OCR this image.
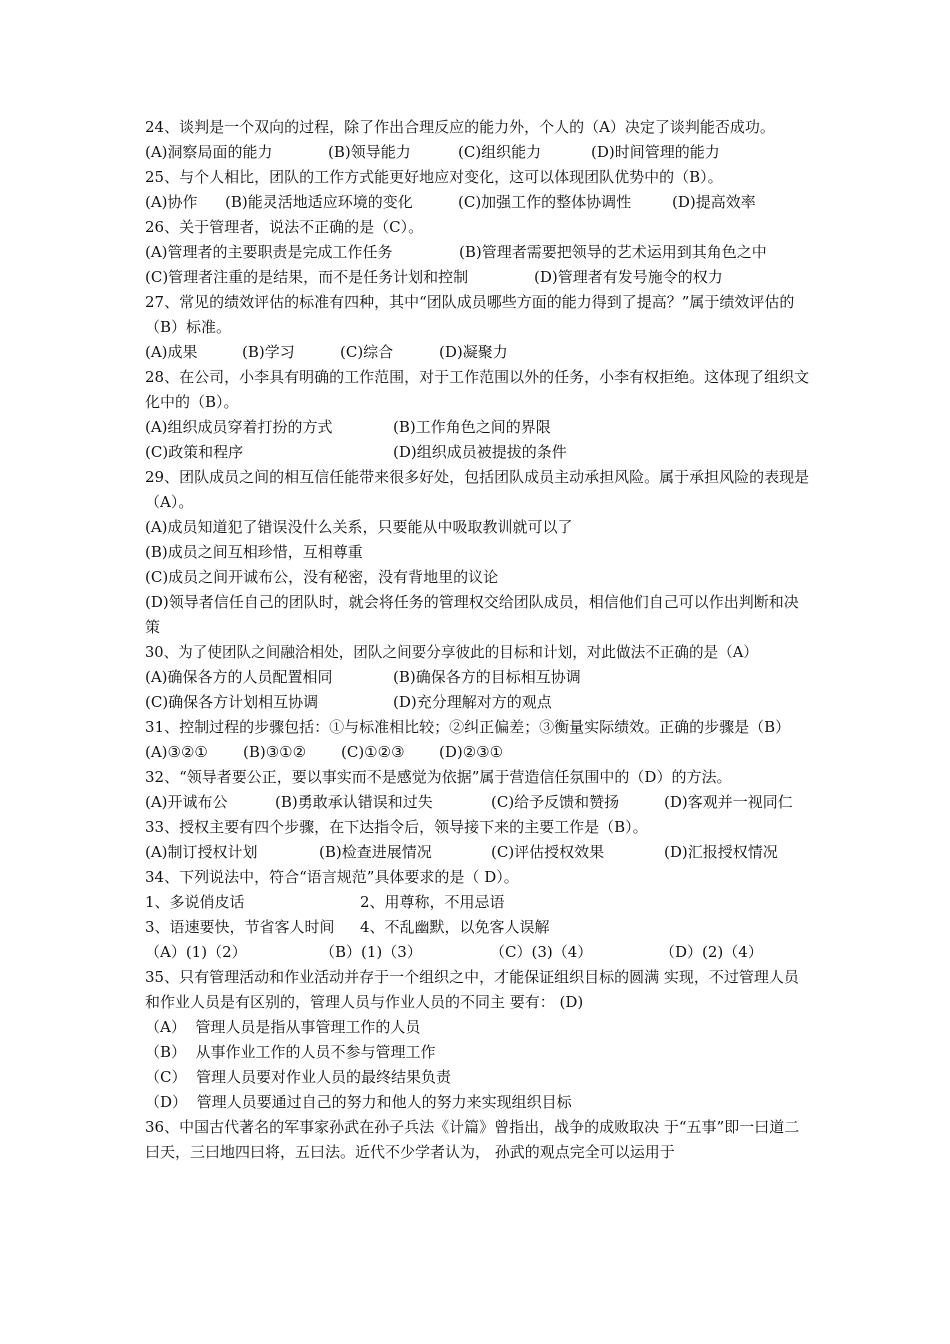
24、谈判是一个双向的过程，除了作出合理反应的能力外，个人的（A）决定了谈判能否成功。
(A)洞察局面的能力	(B)领导能力	(C)组织能力	(D)时间管理的能力
25、与个人相比，团队的工作方式能更好地应对变化，这可以体现团队优势中的（B）。
(A)协作	(B)能灵活地适应环境的变化	(C)加强工作的整体协调性	(D)提高效率
26、关于管理者，说法不正确的是（C）。
(A)管理者的主要职责是完成工作任务	(B)管理者需要把领导的艺术运用到其角色之中
(C)管理者注重的是结果，而不是任务计划和控制	(D)管理者有发号施令的权力
27、常见的绩效评估的标准有四种，其中“团队成员哪些方面的能力得到了提高？”属于绩效评估的（B）标准。
(A)成果	(B)学习	(C)综合	(D)凝聚力
28、在公司，小李具有明确的工作范围，对于工作范围以外的任务，小李有权拒绝。这体现了组织文化中的（B）。
(A)组织成员穿着打扮的方式	(B)工作角色之间的界限
(C)政策和程序	(D)组织成员被提拔的条件
29、团队成员之间的相互信任能带来很多好处，包括团队成员主动承担风险。属于承担风险的表现是（A）。
(A)成员知道犯了错误没什么关系，只要能从中吸取教训就可以了
(B)成员之间互相珍惜，互相尊重
(C)成员之间开诚布公，没有秘密，没有背地里的议论
(D)领导者信任自己的团队时，就会将任务的管理权交给团队成员，相信他们自己可以作出判断和决策
30、为了使团队之间融洽相处，团队之间要分享彼此的目标和计划，对此做法不正确的是（A）
(A)确保各方的人员配置相同	(B)确保各方的目标相互协调
(C)确保各方计划相互协调	(D)充分理解对方的观点
31、控制过程的步骤包括：①与标准相比较；②纠正偏差；③衡量实际绩效。正确的步骤是（B）
(A)③②①	(B)③①②	(C)①②③	(D)②③①
32、“领导者要公正，要以事实而不是感觉为依据”属于营造信任氛围中的（D）的方法。
(A)开诚布公	(B)勇敢承认错误和过失	(C)给予反馈和赞扬	(D)客观并一视同仁
33、授权主要有四个步骤，在下达指令后，领导接下来的主要工作是（B）。
(A)制订授权计划	(B)检查进展情况	(C)评估授权效果	(D)汇报授权情况
34、下列说法中，符合“语言规范”具体要求的是（ D）。
1、多说俏皮话	2、用尊称，不用忌语
3、语速要快，节省客人时间	4、不乱幽默，以免客人误解
（A）(1)（2）	（B）(1)（3）	（C）(3)（4）	（D）(2)（4）
35、只有管理活动和作业活动并存于一个组织之中，才能保证组织目标的圆满 实现，不过管理人员和作业人员是有区别的，管理人员与作业人员的不同主 要有： (D)
（A）  管理人员是指从事管理工作的人员
（B）  从事作业工作的人员不参与管理工作
（C）  管理人员要对作业人员的最终结果负责
（D）  管理人员要通过自己的努力和他人的努力来实现组织目标
36、中国古代著名的军事家孙武在孙子兵法《计篇》曾指出，战争的成败取决 于“五事”即一曰道二曰天，三曰地四曰将，五曰法。近代不少学者认为， 孙武的观点完全可以运用于
